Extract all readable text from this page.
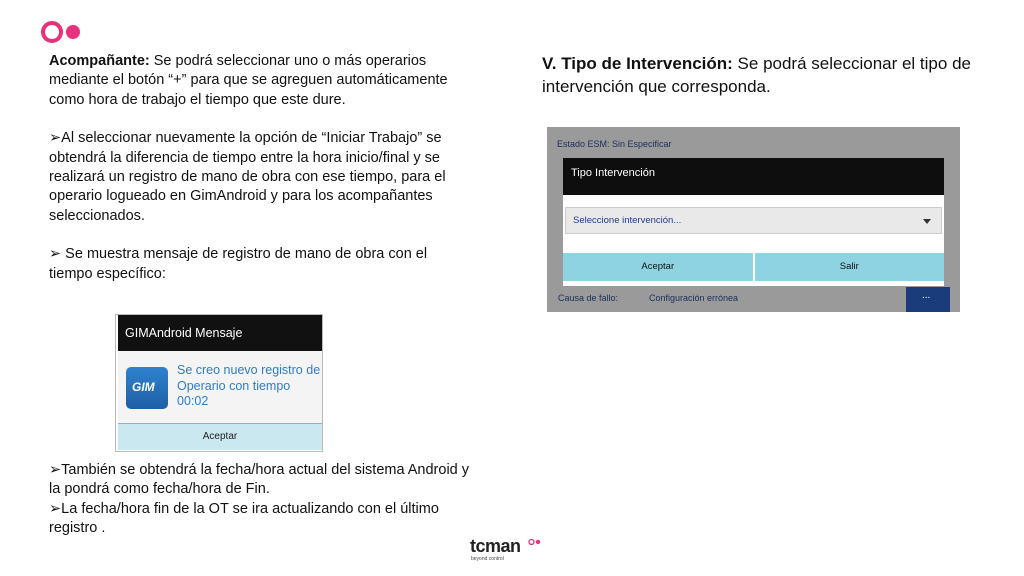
Acompañante: Se podrá seleccionar uno o más operarios mediante el botón “+” para que se agreguen automáticamente como hora de trabajo el tiempo que este dure.

➢Al seleccionar nuevamente la opción de “Iniciar Trabajo” se obtendrá la diferencia de tiempo entre la hora inicio/final y se realizará un registro de mano de obra con ese tiempo, para el operario logueado en GimAndroid y para los acompañantes seleccionados.

➢ Se muestra mensaje de registro de mano de obra con el tiempo específico:

GIMAndroid Mensaje
GIM
Se creo nuevo registro de Operario con tiempo 00:02
Aceptar

➢También se obtendrá la fecha/hora actual del sistema Android y la pondrá como fecha/hora de Fin.

➢La fecha/hora fin de la OT se ira actualizando con el último registro .

V. Tipo de Intervención: Se podrá seleccionar el tipo de intervención que corresponda.
Estado ESM: Sin Especificar
Tipo Intervención
Seleccione intervención...
Aceptar	Salir
Causa de fallo:	Configuración errónea	...
tcman
beyond control
